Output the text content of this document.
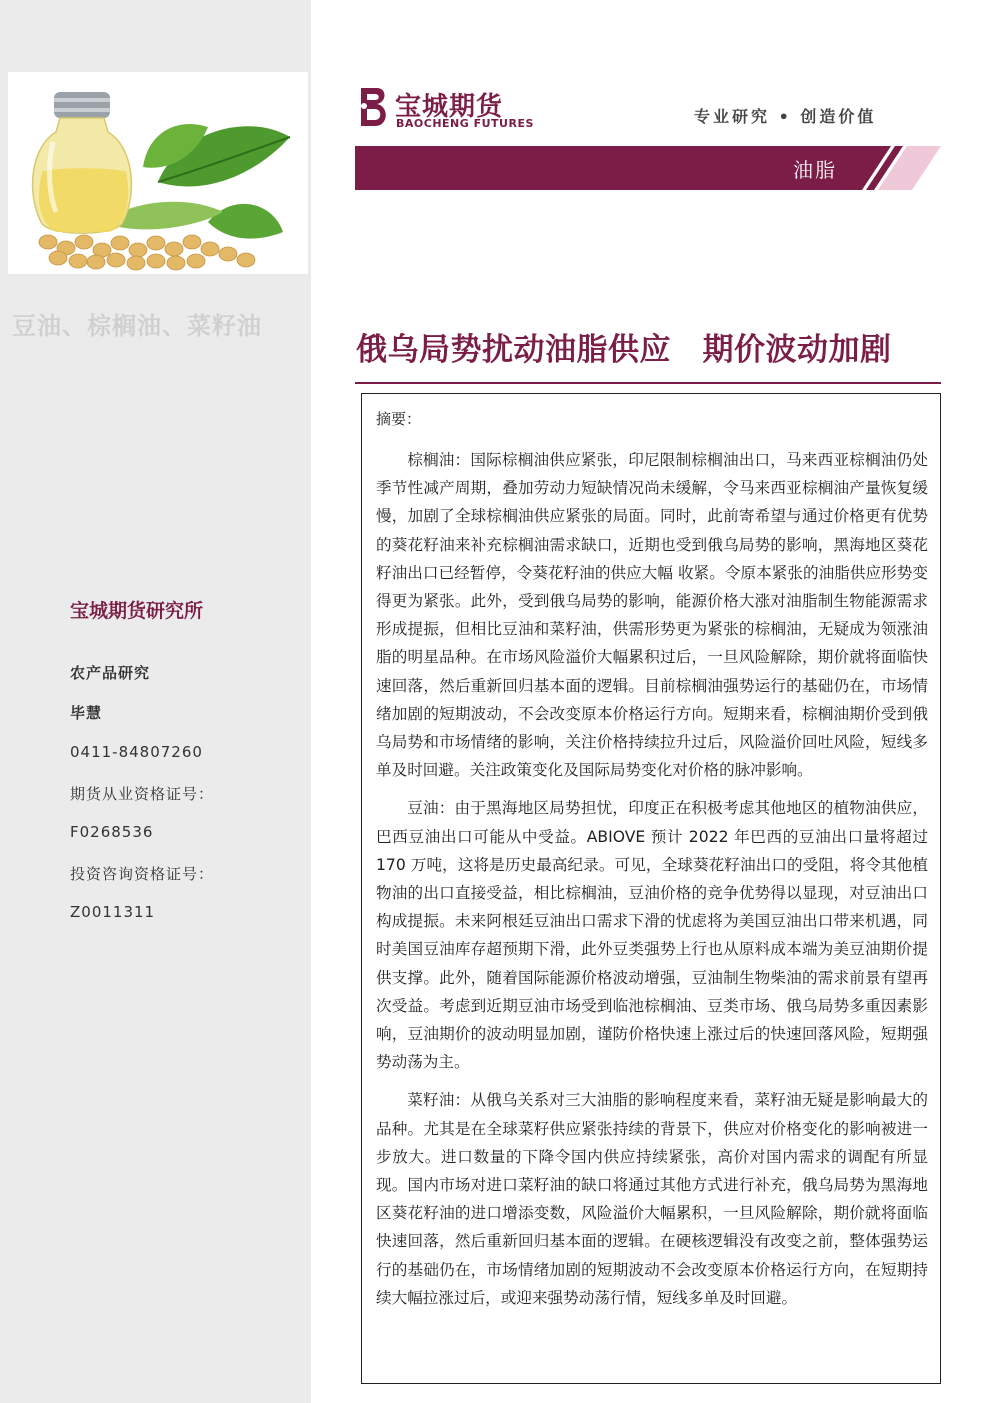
豆油、棕榈油、菜籽油
宝城期货研究所
农产品研究
毕慧
0411-84807260
期货从业资格证号：
F0268536
投资咨询资格证号：
Z0011311
宝城期货
BAOCHENG FUTURES	专业研究 • 创造价值
油脂
俄乌局势扰动油脂供应　期价波动加剧
摘要：

棕榈油：国际棕榈油供应紧张，印尼限制棕榈油出口，马来西亚棕榈油仍处季节性减产周期，叠加劳动力短缺情况尚未缓解，令马来西亚棕榈油产量恢复缓慢，加剧了全球棕榈油供应紧张的局面。同时，此前寄希望与通过价格更有优势的葵花籽油来补充棕榈油需求缺口，近期也受到俄乌局势的影响，黑海地区葵花籽油出口已经暂停，令葵花籽油的供应大幅 收紧。令原本紧张的油脂供应形势变得更为紧张。此外，受到俄乌局势的影响，能源价格大涨对油脂制生物能源需求形成提振，但相比豆油和菜籽油，供需形势更为紧张的棕榈油，无疑成为领涨油脂的明星品种。在市场风险溢价大幅累积过后，一旦风险解除，期价就将面临快速回落，然后重新回归基本面的逻辑。目前棕榈油强势运行的基础仍在，市场情绪加剧的短期波动，不会改变原本价格运行方向。短期来看，棕榈油期价受到俄乌局势和市场情绪的影响，关注价格持续拉升过后，风险溢价回吐风险，短线多单及时回避。关注政策变化及国际局势变化对价格的脉冲影响。

豆油：由于黑海地区局势担忧，印度正在积极考虑其他地区的植物油供应，巴西豆油出口可能从中受益。ABIOVE 预计 2022 年巴西的豆油出口量将超过 170 万吨，这将是历史最高纪录。可见，全球葵花籽油出口的受阻，将令其他植物油的出口直接受益，相比棕榈油，豆油价格的竞争优势得以显现，对豆油出口构成提振。未来阿根廷豆油出口需求下滑的忧虑将为美国豆油出口带来机遇，同时美国豆油库存超预期下滑，此外豆类强势上行也从原料成本端为美豆油期价提供支撑。此外，随着国际能源价格波动增强，豆油制生物柴油的需求前景有望再次受益。考虑到近期豆油市场受到临池棕榈油、豆类市场、俄乌局势多重因素影响，豆油期价的波动明显加剧，谨防价格快速上涨过后的快速回落风险，短期强势动荡为主。

菜籽油：从俄乌关系对三大油脂的影响程度来看，菜籽油无疑是影响最大的品种。尤其是在全球菜籽供应紧张持续的背景下，供应对价格变化的影响被进一步放大。进口数量的下降令国内供应持续紧张，高价对国内需求的调配有所显现。国内市场对进口菜籽油的缺口将通过其他方式进行补充，俄乌局势为黑海地区葵花籽油的进口增添变数，风险溢价大幅累积，一旦风险解除，期价就将面临快速回落，然后重新回归基本面的逻辑。在硬核逻辑没有改变之前，整体强势运行的基础仍在，市场情绪加剧的短期波动不会改变原本价格运行方向，在短期持续大幅拉涨过后，或迎来强势动荡行情，短线多单及时回避。
